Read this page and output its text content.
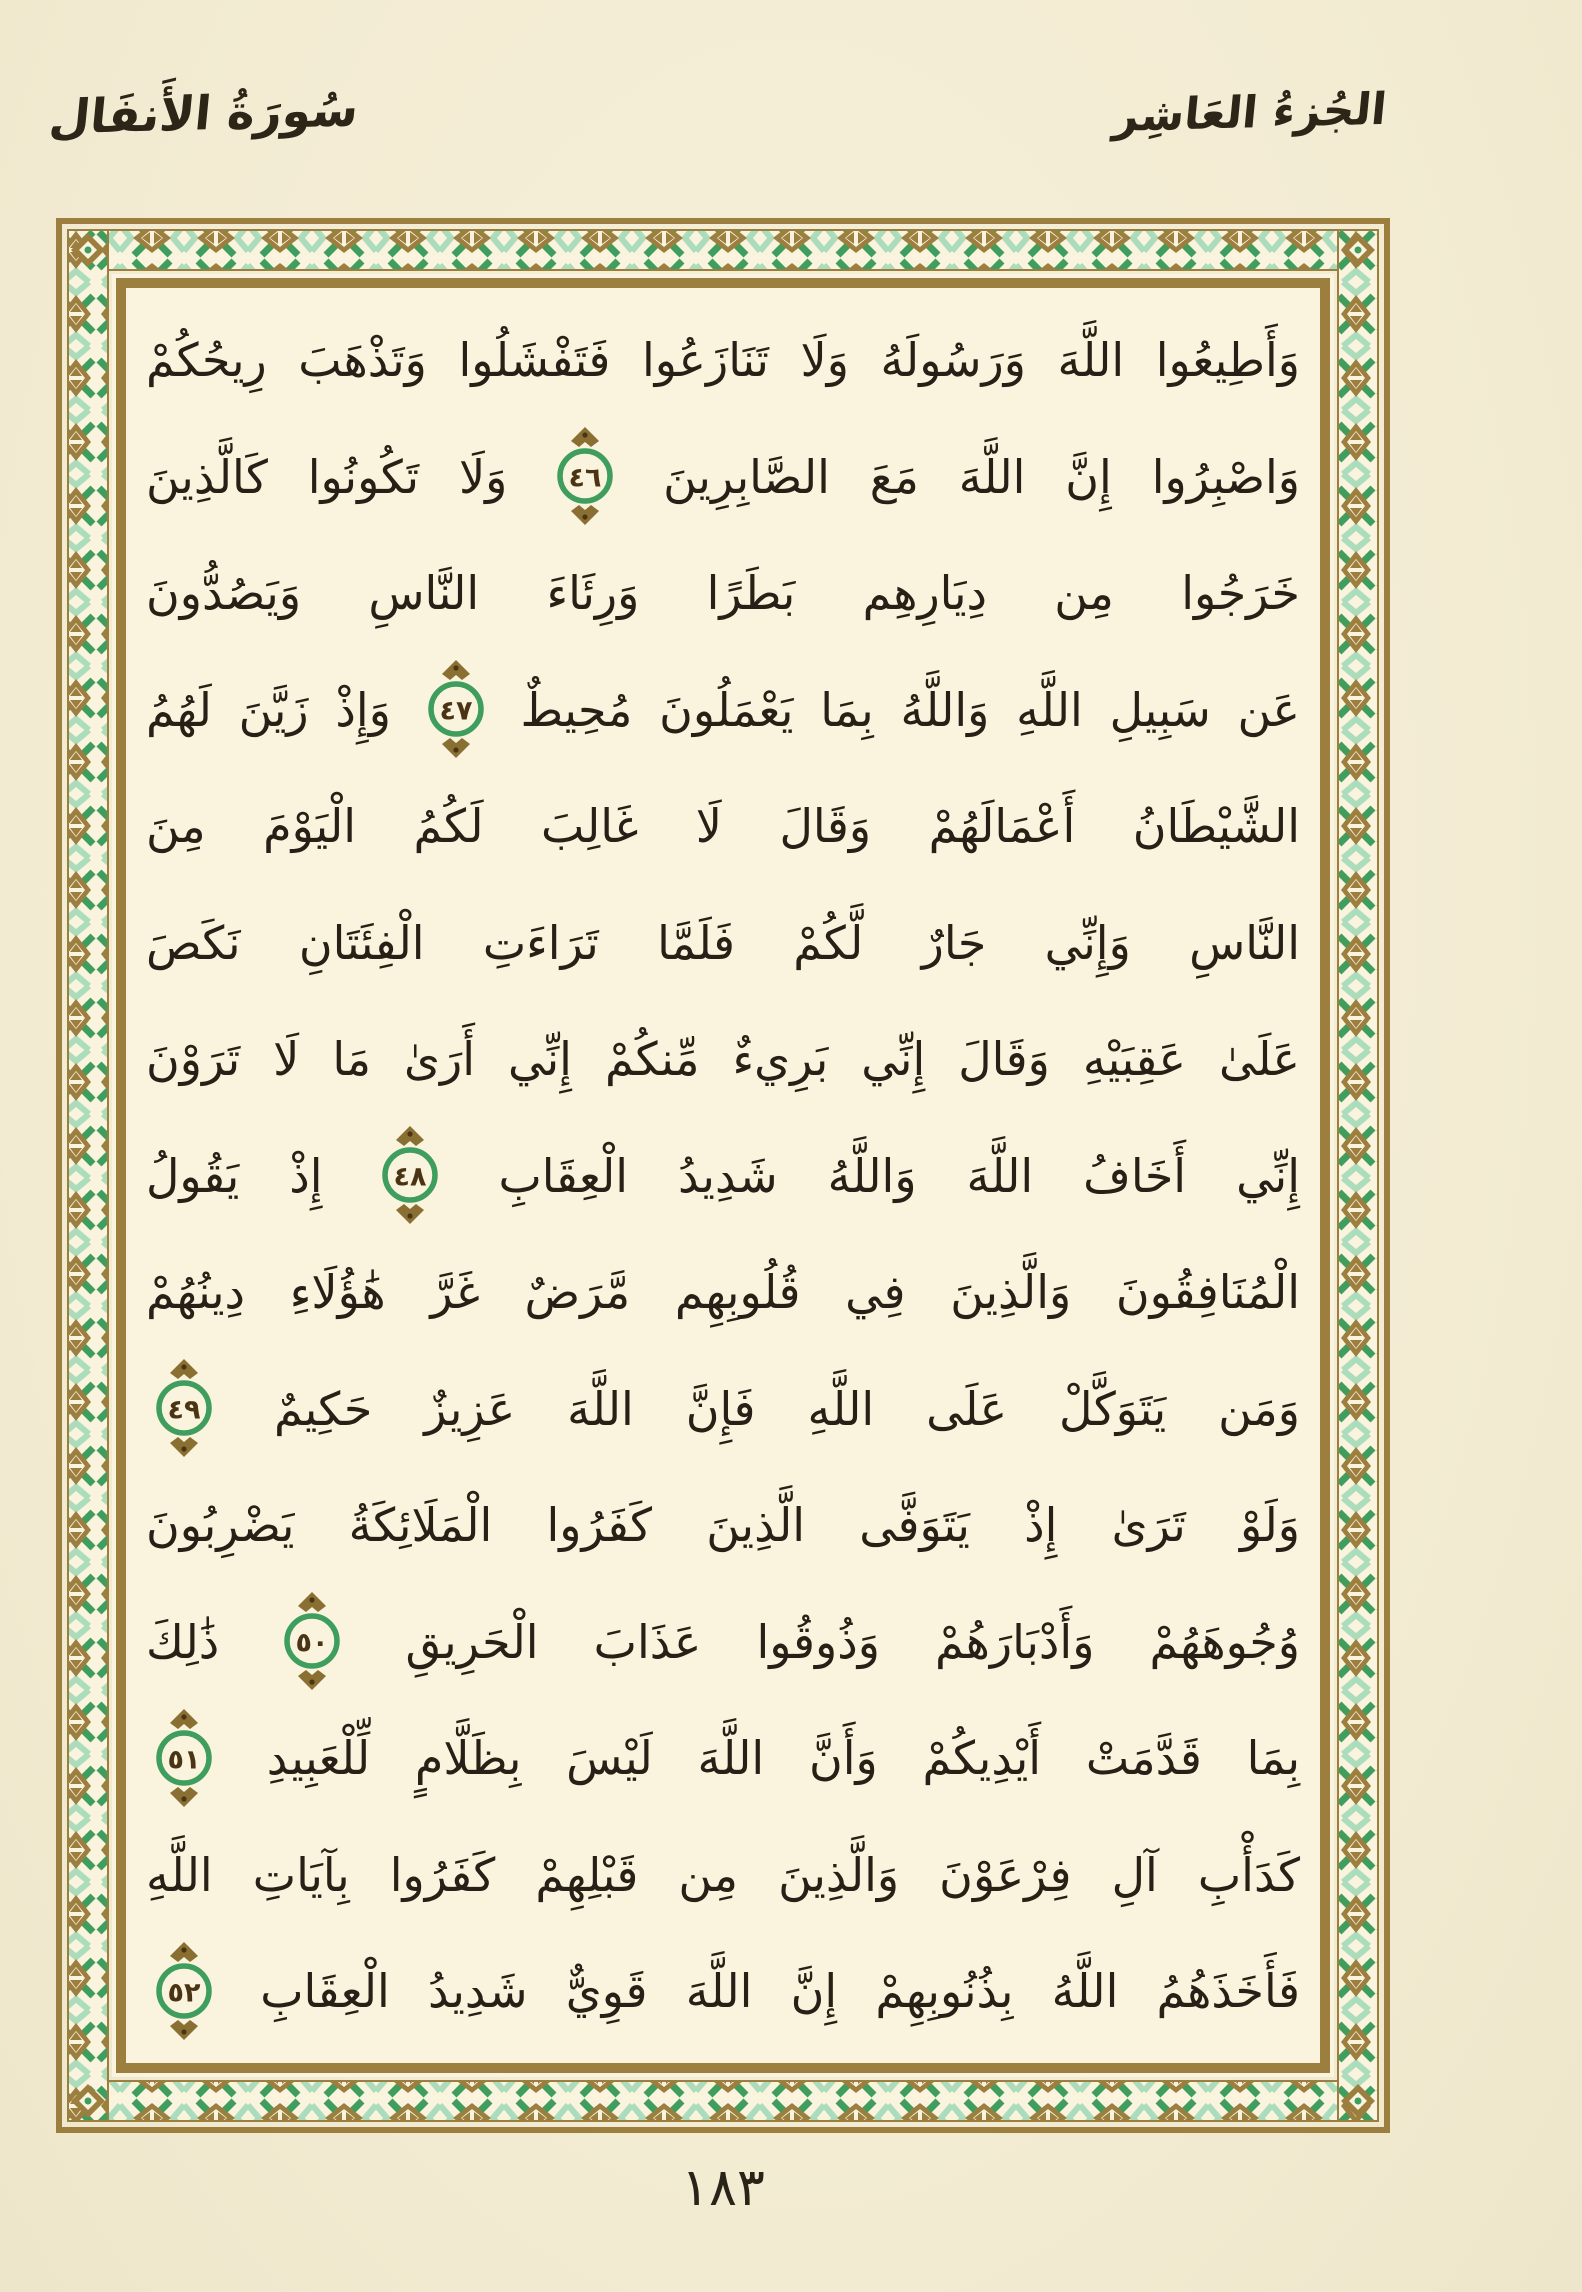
سُورَةُ الأَنفَال	الجُزءُ العَاشِر
وَأَطِيعُوا اللَّهَ وَرَسُولَهُ وَلَا تَنَازَعُوا فَتَفْشَلُوا وَتَذْهَبَ رِيحُكُمْ
وَاصْبِرُوا إِنَّ اللَّهَ مَعَ الصَّابِرِينَ
٤٦
وَلَا تَكُونُوا كَالَّذِينَ
خَرَجُوا مِن دِيَارِهِم بَطَرًا وَرِئَاءَ النَّاسِ وَيَصُدُّونَ
عَن سَبِيلِ اللَّهِ وَاللَّهُ بِمَا يَعْمَلُونَ مُحِيطٌ
٤٧
وَإِذْ زَيَّنَ لَهُمُ
الشَّيْطَانُ أَعْمَالَهُمْ وَقَالَ لَا غَالِبَ لَكُمُ الْيَوْمَ مِنَ
النَّاسِ وَإِنِّي جَارٌ لَّكُمْ فَلَمَّا تَرَاءَتِ الْفِئَتَانِ نَكَصَ
عَلَىٰ عَقِبَيْهِ وَقَالَ إِنِّي بَرِيءٌ مِّنكُمْ إِنِّي أَرَىٰ مَا لَا تَرَوْنَ
إِنِّي أَخَافُ اللَّهَ وَاللَّهُ شَدِيدُ الْعِقَابِ
٤٨
إِذْ يَقُولُ
الْمُنَافِقُونَ وَالَّذِينَ فِي قُلُوبِهِم مَّرَضٌ غَرَّ هَٰؤُلَاءِ دِينُهُمْ
وَمَن يَتَوَكَّلْ عَلَى اللَّهِ فَإِنَّ اللَّهَ عَزِيزٌ حَكِيمٌ
٤٩
وَلَوْ تَرَىٰ إِذْ يَتَوَفَّى الَّذِينَ كَفَرُوا الْمَلَائِكَةُ يَضْرِبُونَ
وُجُوهَهُمْ وَأَدْبَارَهُمْ وَذُوقُوا عَذَابَ الْحَرِيقِ
٥٠
ذَٰلِكَ
بِمَا قَدَّمَتْ أَيْدِيكُمْ وَأَنَّ اللَّهَ لَيْسَ بِظَلَّامٍ لِّلْعَبِيدِ
٥١
كَدَأْبِ آلِ فِرْعَوْنَ وَالَّذِينَ مِن قَبْلِهِمْ كَفَرُوا بِآيَاتِ اللَّهِ
فَأَخَذَهُمُ اللَّهُ بِذُنُوبِهِمْ إِنَّ اللَّهَ قَوِيٌّ شَدِيدُ الْعِقَابِ
٥٢
١٨٣
